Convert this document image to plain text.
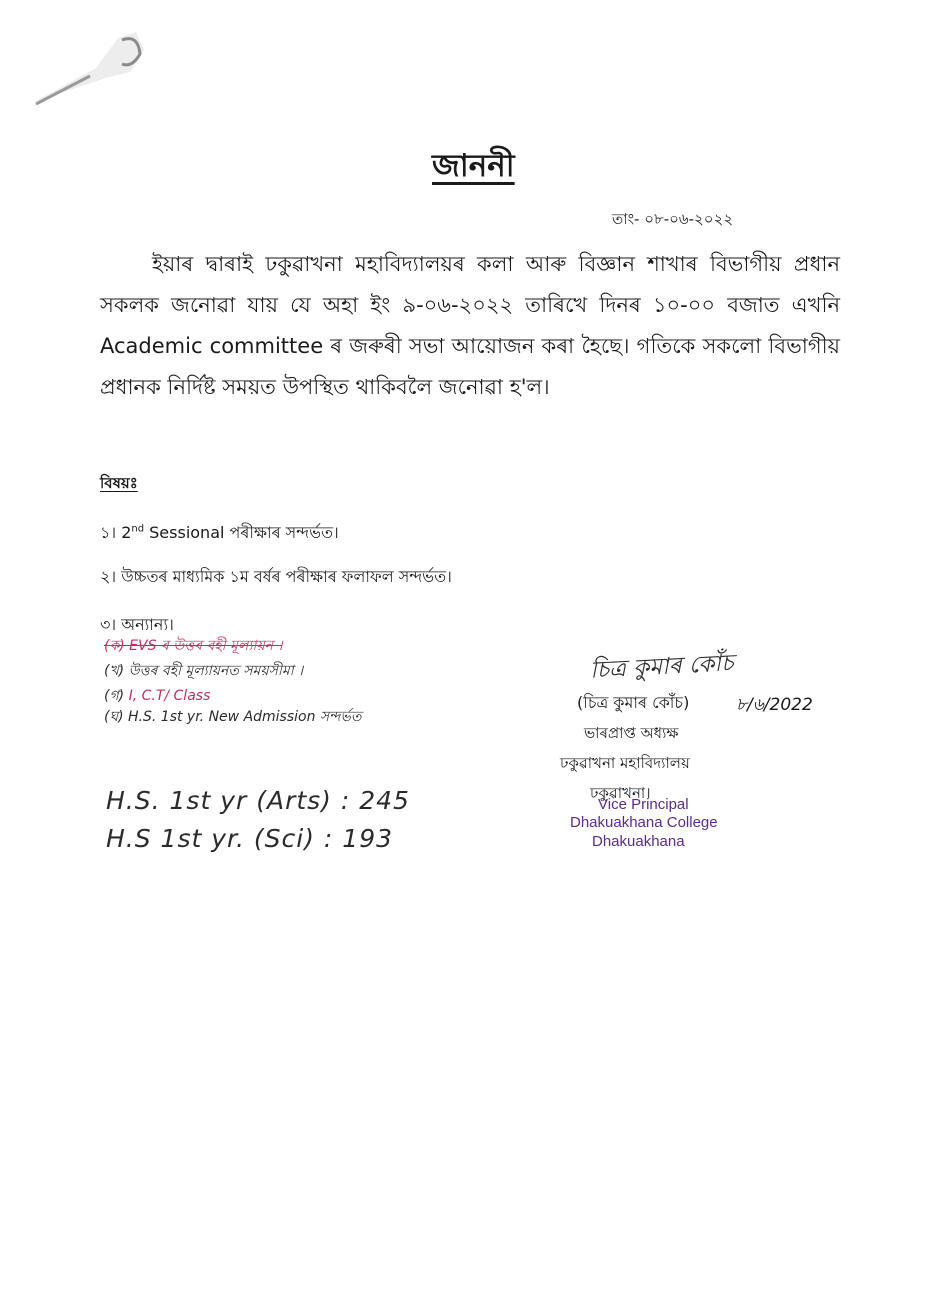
জাননী
তাং- ০৮-০৬-২০২২
ইয়াৰ দ্বাৰাই ঢকুৱাখনা মহাবিদ্যালয়ৰ কলা আৰু বিজ্ঞান শাখাৰ বিভাগীয় প্ৰধান সকলক জনোৱা যায় যে অহা ইং ৯-০৬-২০২২ তাৰিখে দিনৰ ১০-০০ বজাত এখনি Academic committee ৰ জৰুৰী সভা আয়োজন কৰা হৈছে। গতিকে সকলো বিভাগীয় প্ৰধানক নিৰ্দিষ্ট সময়ত উপস্থিত থাকিবলৈ জনোৱা হ'ল।
বিষয়ঃ
১। 2nd Sessional পৰীক্ষাৰ সন্দৰ্ভত।
২। উচ্চতৰ মাধ্যমিক ১ম বৰ্ষৰ পৰীক্ষাৰ ফলাফল সন্দৰ্ভত।
৩। অন্যান্য।
(ক) EVS ৰ উত্তৰ বহী মূল্যায়ন ।
(খ) উত্তৰ বহী মূল্যায়নত সময়সীমা ।
(গ) I, C.T/ Class
(ঘ) H.S. 1st yr. New Admission সন্দৰ্ভত
H.S. 1st yr (Arts) : 245
H.S 1st yr. (Sci) : 193
চিত্ৰ কুমাৰ কোঁচ
(চিত্ৰ কুমাৰ কোঁচ)	৮/৬/2022
ভাৰপ্ৰাপ্ত অধ্যক্ষ
ঢকুৱাখনা মহাবিদ্যালয়
ঢকুৱাখনা।
Vice Principal
Dhakuakhana College
Dhakuakhana
